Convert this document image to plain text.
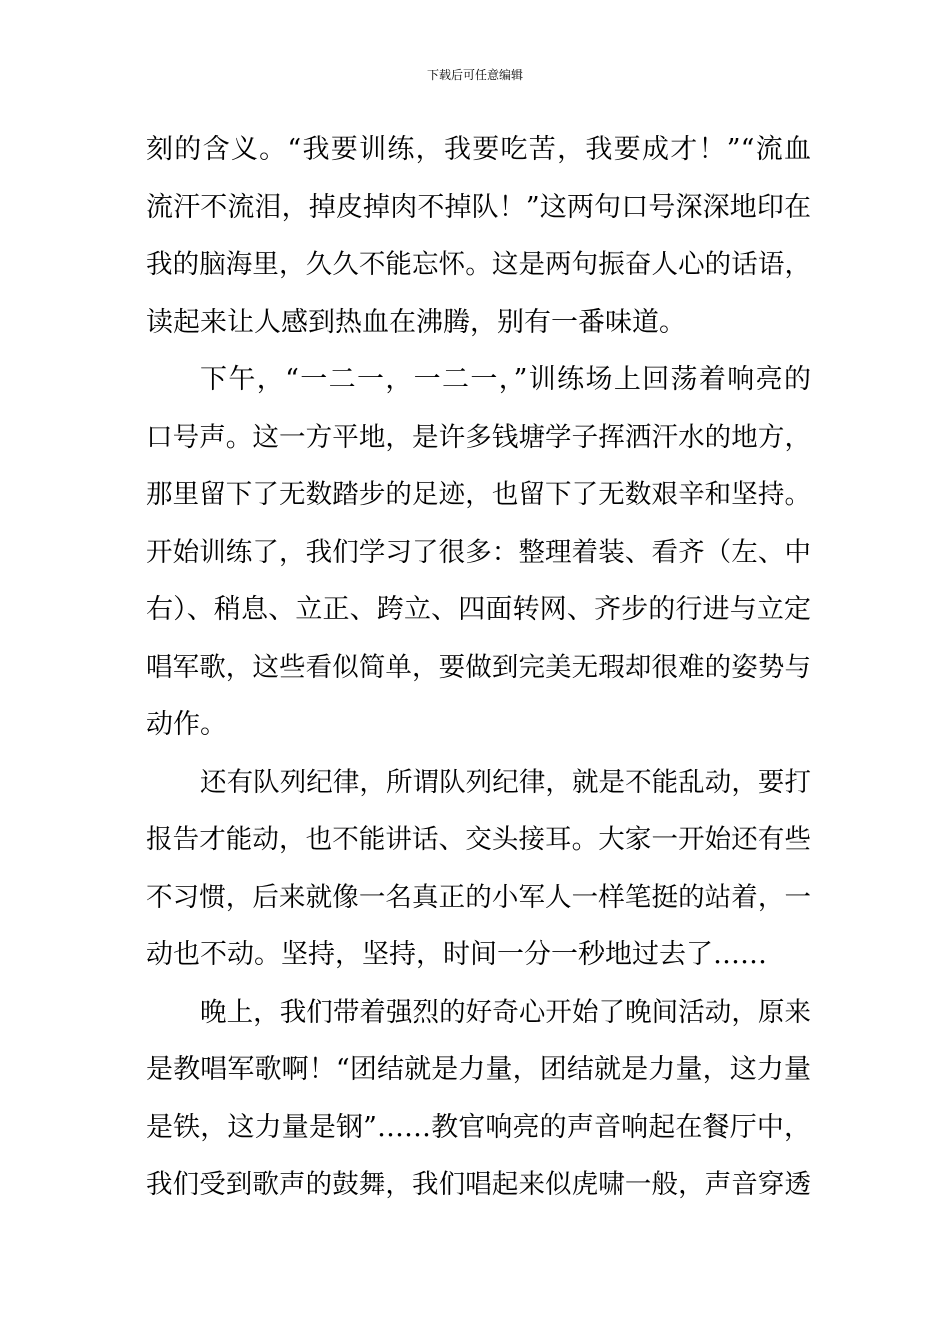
下载后可任意编辑
刻的含义。“我要训练，我要吃苦，我要成才！”“流血
流汗不流泪，掉皮掉肉不掉队！”这两句口号深深地印在
我的脑海里，久久不能忘怀。这是两句振奋人心的话语，
读起来让人感到热血在沸腾，别有一番味道。
下午，“一二一，一二一，”训练场上回荡着响亮的
口号声。这一方平地，是许多钱塘学子挥洒汗水的地方，
那里留下了无数踏步的足迹，也留下了无数艰辛和坚持。
开始训练了，我们学习了很多：整理着装、看齐（左、中
右）、稍息、立正、跨立、四面转网、齐步的行进与立定
唱军歌，这些看似简单，要做到完美无瑕却很难的姿势与
动作。
还有队列纪律，所谓队列纪律，就是不能乱动，要打
报告才能动，也不能讲话、交头接耳。大家一开始还有些
不习惯，后来就像一名真正的小军人一样笔挺的站着，一
动也不动。坚持，坚持，时间一分一秒地过去了……
晚上，我们带着强烈的好奇心开始了晚间活动，原来
是教唱军歌啊！“团结就是力量，团结就是力量，这力量
是铁，这力量是钢”……教官响亮的声音响起在餐厅中，
我们受到歌声的鼓舞，我们唱起来似虎啸一般，声音穿透
